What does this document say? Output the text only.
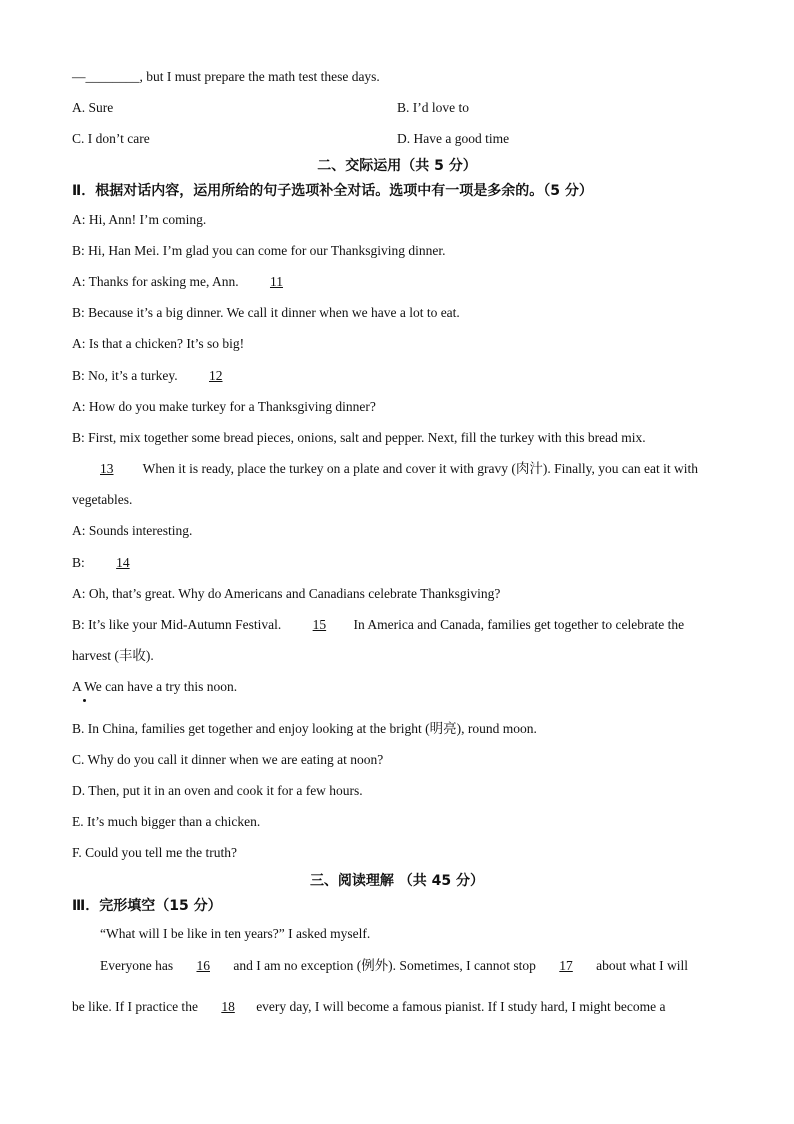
—________, but I must prepare the math test these days.
A. Sure	B. I’d love to
C. I don’t care	D. Have a good time
二、交际运用（共 5 分）
Ⅱ．根据对话内容，运用所给的句子选项补全对话。选项中有一项是多余的。（5 分）
A: Hi, Ann! I’m coming.
B: Hi, Han Mei. I’m glad you can come for our Thanksgiving dinner.
A: Thanks for asking me, Ann. 11
B: Because it’s a big dinner. We call it dinner when we have a lot to eat.
A: Is that a chicken? It’s so big!
B: No, it’s a turkey. 12
A: How do you make turkey for a Thanksgiving dinner?
B: First, mix together some bread pieces, onions, salt and pepper. Next, fill the turkey with this bread mix.
13 When it is ready, place the turkey on a plate and cover it with gravy (肉汁). Finally, you can eat it with
vegetables.
A: Sounds interesting.
B: 14
A: Oh, that’s great. Why do Americans and Canadians celebrate Thanksgiving?
B: It’s like your Mid-Autumn Festival. 15 In America and Canada, families get together to celebrate the
harvest (丰收).
A We can have a try this noon.
B. In China, families get together and enjoy looking at the bright (明亮), round moon.
C. Why do you call it dinner when we are eating at noon?
D. Then, put it in an oven and cook it for a few hours.
E. It’s much bigger than a chicken.
F. Could you tell me the truth?
三、阅读理解 （共 45 分）
Ⅲ．完形填空（15 分）
“What will I be like in ten years?” I asked myself.
Everyone has 16 and I am no exception (例外). Sometimes, I cannot stop 17 about what I will
be like. If I practice the 18 every day, I will become a famous pianist. If I study hard, I might become a
